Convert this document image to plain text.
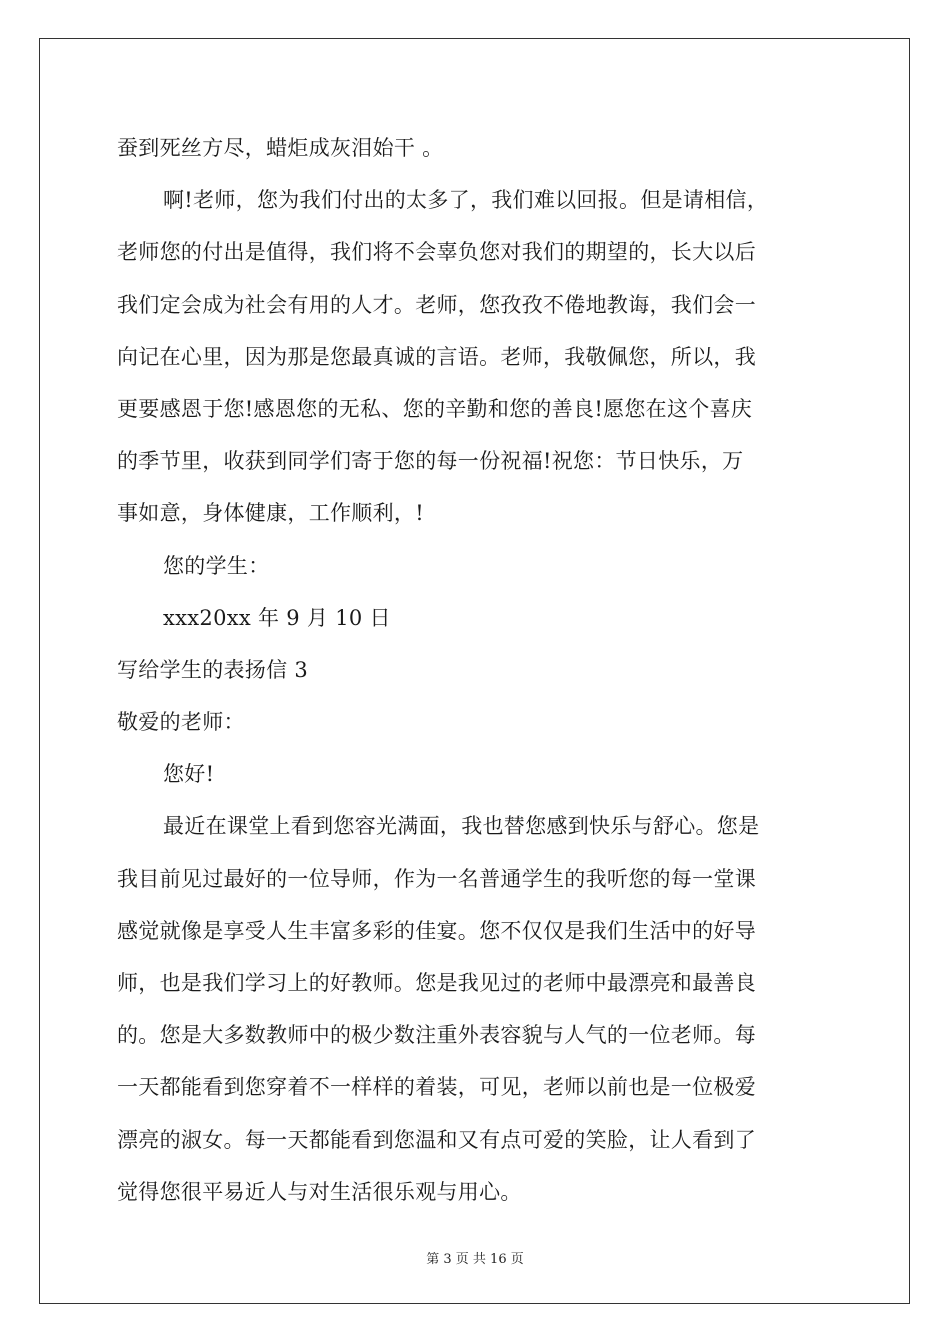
蚕到死丝方尽，蜡炬成灰泪始干 。
啊!老师，您为我们付出的太多了，我们难以回报。但是请相信，
老师您的付出是值得，我们将不会辜负您对我们的期望的，长大以后
我们定会成为社会有用的人才。老师，您孜孜不倦地教诲，我们会一
向记在心里，因为那是您最真诚的言语。老师，我敬佩您，所以，我
更要感恩于您!感恩您的无私、您的辛勤和您的善良!愿您在这个喜庆
的季节里，收获到同学们寄于您的每一份祝福!祝您：节日快乐，万
事如意，身体健康，工作顺利，!
您的学生：
xxx20xx 年 9 月 10 日
写给学生的表扬信 3
敬爱的老师：
您好!
最近在课堂上看到您容光满面，我也替您感到快乐与舒心。您是
我目前见过最好的一位导师，作为一名普通学生的我听您的每一堂课
感觉就像是享受人生丰富多彩的佳宴。您不仅仅是我们生活中的好导
师，也是我们学习上的好教师。您是我见过的老师中最漂亮和最善良
的。您是大多数教师中的极少数注重外表容貌与人气的一位老师。每
一天都能看到您穿着不一样样的着装，可见，老师以前也是一位极爱
漂亮的淑女。每一天都能看到您温和又有点可爱的笑脸，让人看到了
觉得您很平易近人与对生活很乐观与用心。
第 3 页 共 16 页
